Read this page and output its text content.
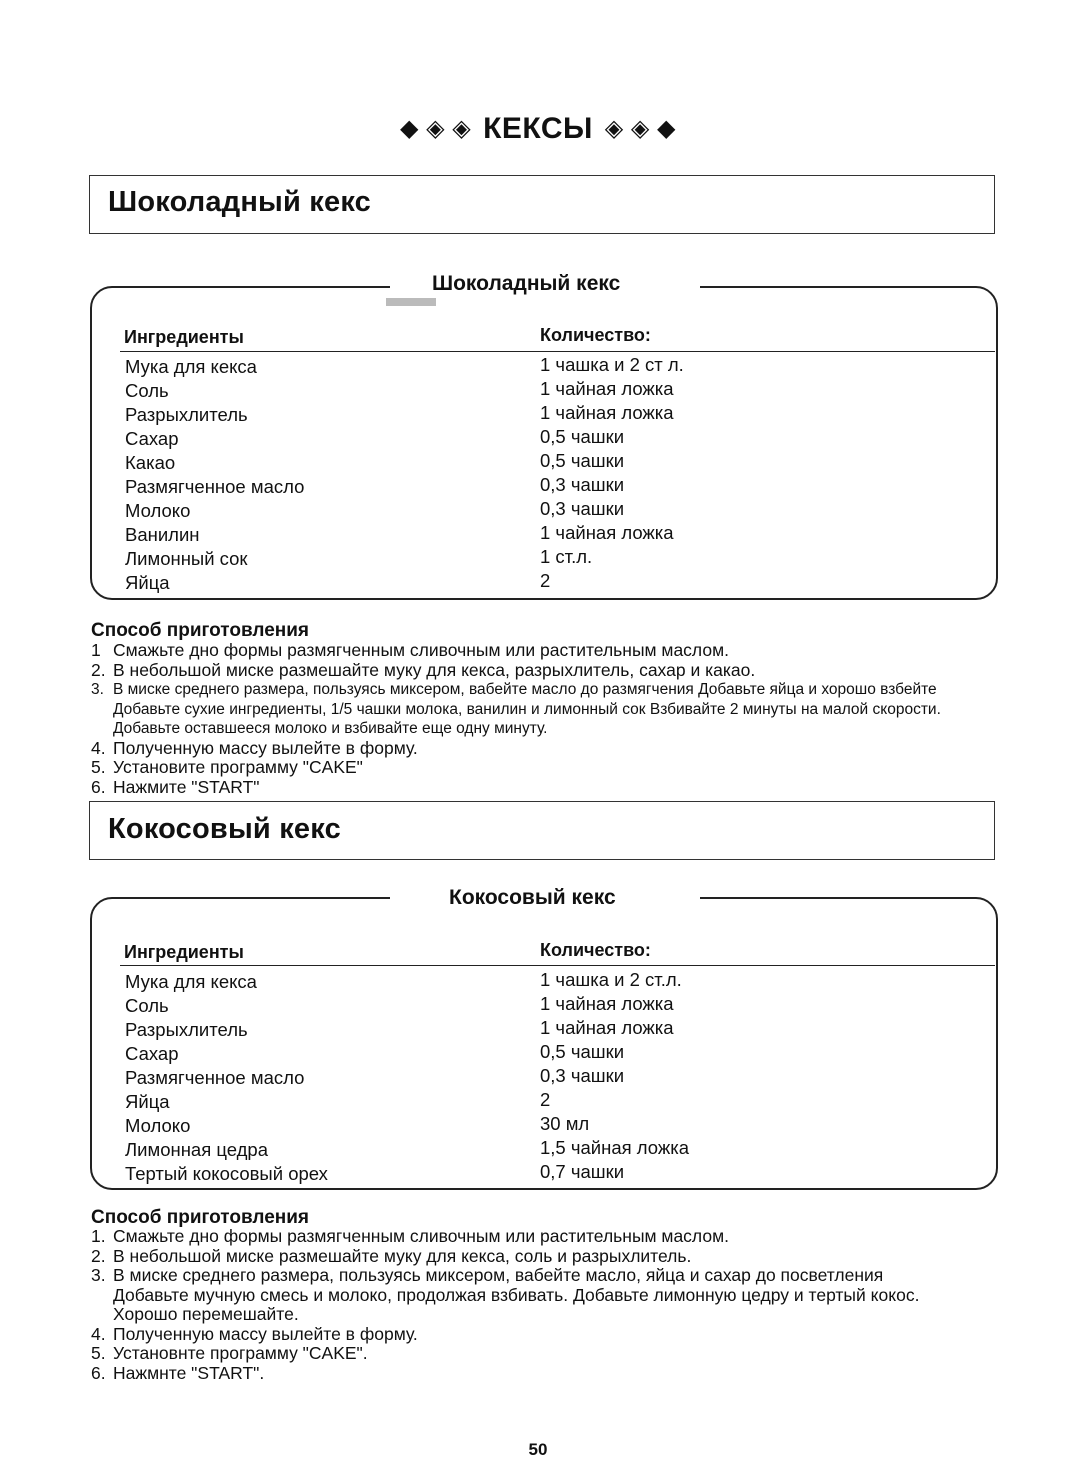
◆ ◈ ◈ КЕКСЫ ◈ ◈ ◆
Шоколадный кекс
Шоколадный кекс
Ингредиенты	Количество:
Мука для кекса
Соль
Разрыхлитель
Сахар
Какао
Размягченное масло
Молоко
Ванилин
Лимонный сок
Яйца
1 чашка и 2 ст л.
1 чайная ложка
1 чайная ложка
0,5 чашки
0,5 чашки
0,3 чашки
0,3 чашки
1 чайная ложка
1 ст.л.
2
Способ приготовления
1 Смажьте дно формы размягченным сливочным или растительным маслом.
2. В небольшой миске размешайте муку для кекса, разрыхлитель, сахар и какао.
3. В миске среднего размера, пользуясь миксером, вабейте масло до размягчения Добавьте яйца и хорошо взбейте Добавьте сухие ингредиенты, 1/5 чашки молока, ванилин и лимонный сок Взбивайте 2 минуты на малой скорости. Добавьте оставшееся молоко и взбивайте еще одну минуту.
4. Полученную массу вылейте в форму.
5. Установите программу "CAKE"
6. Нажмите "START"
Кокосовый кекс
Кокосовый кекс
Ингредиенты	Количество:
Мука для кекса
Соль
Разрыхлитель
Сахар
Размягченное масло
Яйца
Молоко
Лимонная цедра
Тертый кокосовый орех
1 чашка и 2 ст.л.
1 чайная ложка
1 чайная ложка
0,5 чашки
0,3 чашки
2
30 мл
1,5 чайная ложка
0,7 чашки
Способ приготовления
1. Смажьте дно формы размягченным сливочным или растительным маслом.
2. В небольшой миске размешайте муку для кекса, соль и разрыхлитель.
3. В миске среднего размера, пользуясь миксером, вабейте масло, яйца и сахар до посветления Добавьте мучную смесь и молоко, продолжая взбивать. Добавьте лимонную цедру и тертый кокос. Хорошо перемешайте.
4. Полученную массу вылейте в форму.
5. Установнте программу "CAKE".
6. Нажмнте "START".
50
